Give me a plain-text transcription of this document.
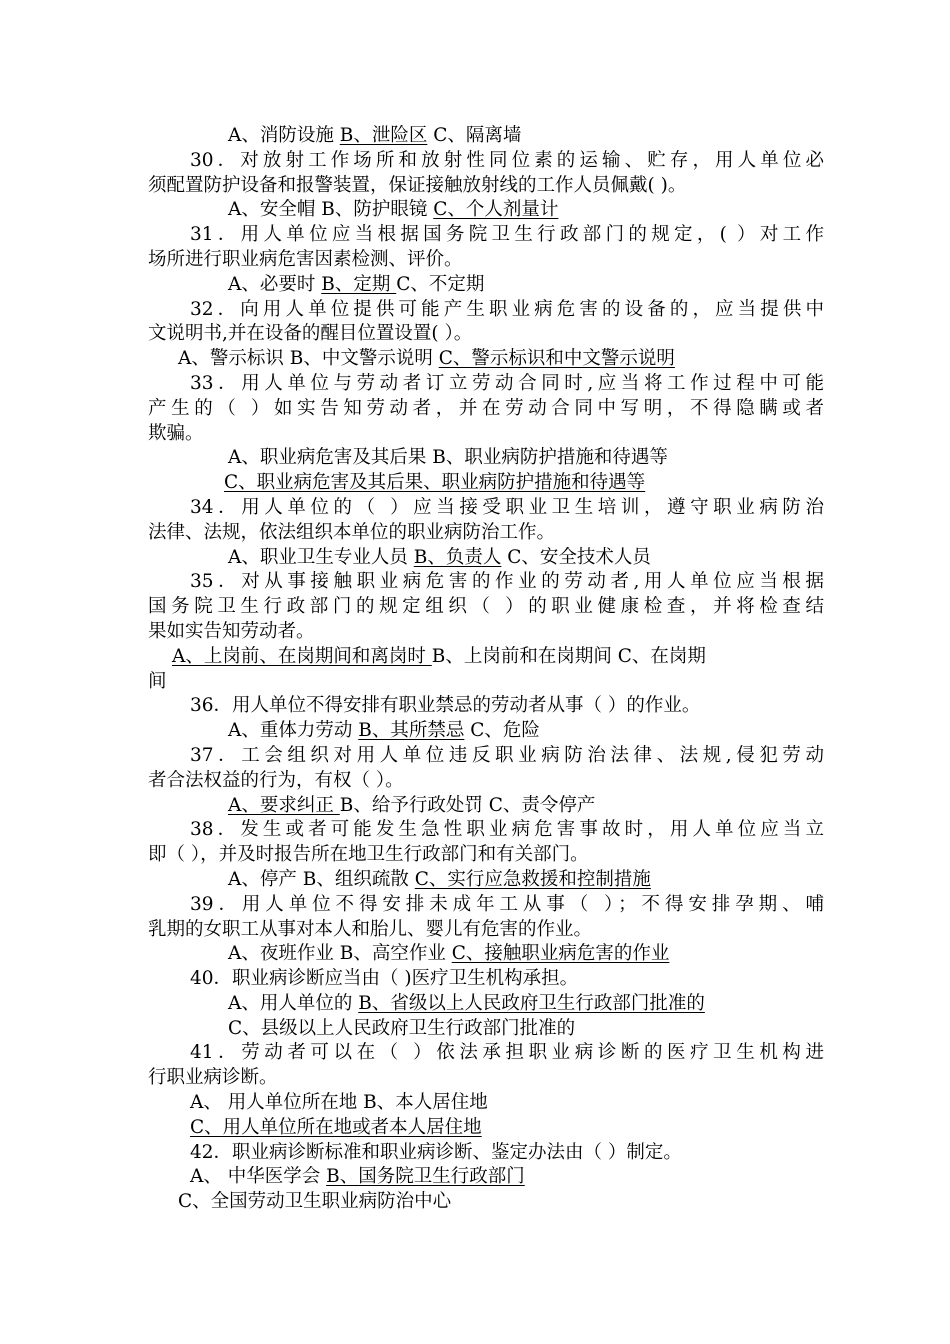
A、消防设施 B、泄险区 C、隔离墙
30．对放射工作场所和放射性同位素的运输、贮存，用人单位必
须配置防护设备和报警装置，保证接触放射线的工作人员佩戴( )。
A、安全帽 B、防护眼镜 C、个人剂量计
31．用人单位应当根据国务院卫生行政部门的规定，( ）对工作
场所进行职业病危害因素检测、评价。
A、必要时 B、定期 C、不定期
32．向用人单位提供可能产生职业病危害的设备的，应当提供中
文说明书,并在设备的醒目位置设置( ）。
A、警示标识 B、中文警示说明 C、警示标识和中文警示说明
33．用人单位与劳动者订立劳动合同时,应当将工作过程中可能
产生的（ ）如实告知劳动者，并在劳动合同中写明，不得隐瞒或者
欺骗。
A、职业病危害及其后果 B、职业病防护措施和待遇等
C、职业病危害及其后果、职业病防护措施和待遇等
34．用人单位的（ ）应当接受职业卫生培训，遵守职业病防治
法律、法规，依法组织本单位的职业病防治工作。
A、职业卫生专业人员 B、负责人 C、安全技术人员
35．对从事接触职业病危害的作业的劳动者,用人单位应当根据
国务院卫生行政部门的规定组织（ ）的职业健康检查，并将检查结
果如实告知劳动者。
A、上岗前、在岗期间和离岗时 B、上岗前和在岗期间 C、在岗期
间
36．用人单位不得安排有职业禁忌的劳动者从事（ ）的作业。
A、重体力劳动 B、其所禁忌 C、危险
37．工会组织对用人单位违反职业病防治法律、法规,侵犯劳动
者合法权益的行为，有权（ ）。
A、要求纠正 B、给予行政处罚 C、责令停产
38．发生或者可能发生急性职业病危害事故时，用人单位应当立
即（ ），并及时报告所在地卫生行政部门和有关部门。
A、停产 B、组织疏散 C、实行应急救援和控制措施
39．用人单位不得安排未成年工从事（ ）；不得安排孕期、哺
乳期的女职工从事对本人和胎儿、婴儿有危害的作业。
A、夜班作业 B、高空作业 C、接触职业病危害的作业
40．职业病诊断应当由（ )医疗卫生机构承担。
A、用人单位的 B、省级以上人民政府卫生行政部门批准的
C、县级以上人民政府卫生行政部门批准的
41．劳动者可以在（ ）依法承担职业病诊断的医疗卫生机构进
行职业病诊断。
A、 用人单位所在地 B、本人居住地
C、用人单位所在地或者本人居住地
42．职业病诊断标准和职业病诊断、鉴定办法由（ ）制定。
A、 中华医学会 B、国务院卫生行政部门
C、全国劳动卫生职业病防治中心
